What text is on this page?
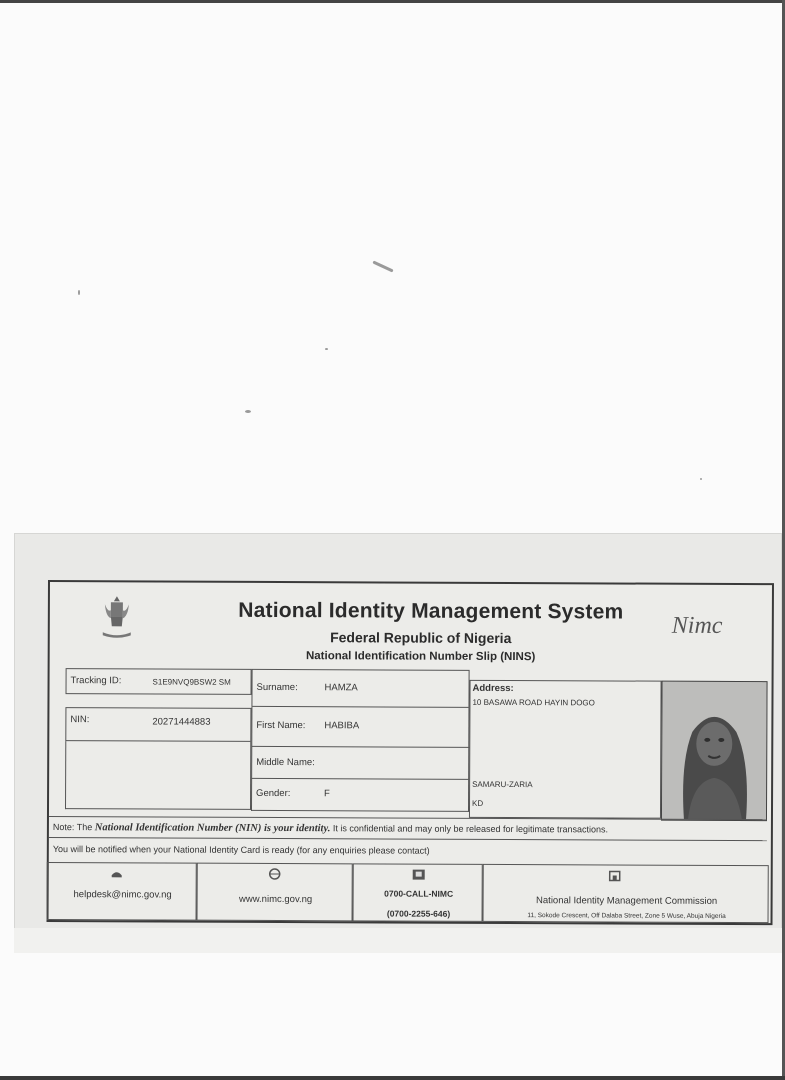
National Identity Management System
Federal Republic of Nigeria
National Identification Number Slip (NINS)
Nimc
Tracking ID:	S1E9NVQ9BSW2 SM
NIN:	20271444883
Surname:	HAMZA
First Name: HABIBA
Middle Name:
Gender:	F
Address:
10 BASAWA ROAD HAYIN DOGO
SAMARU-ZARIA
KD
Note: The National Identification Number (NIN) is your identity. It is confidential and may only be released for legitimate transactions.
You will be notified when your National Identity Card is ready (for any enquiries please contact)
helpdesk@nimc.gov.ng	www.nimc.gov.ng
0700-CALL-NIMC
(0700-2255-646)
National Identity Management Commission
11, Sokode Crescent, Off Dalaba Street, Zone 5 Wuse, Abuja Nigeria
